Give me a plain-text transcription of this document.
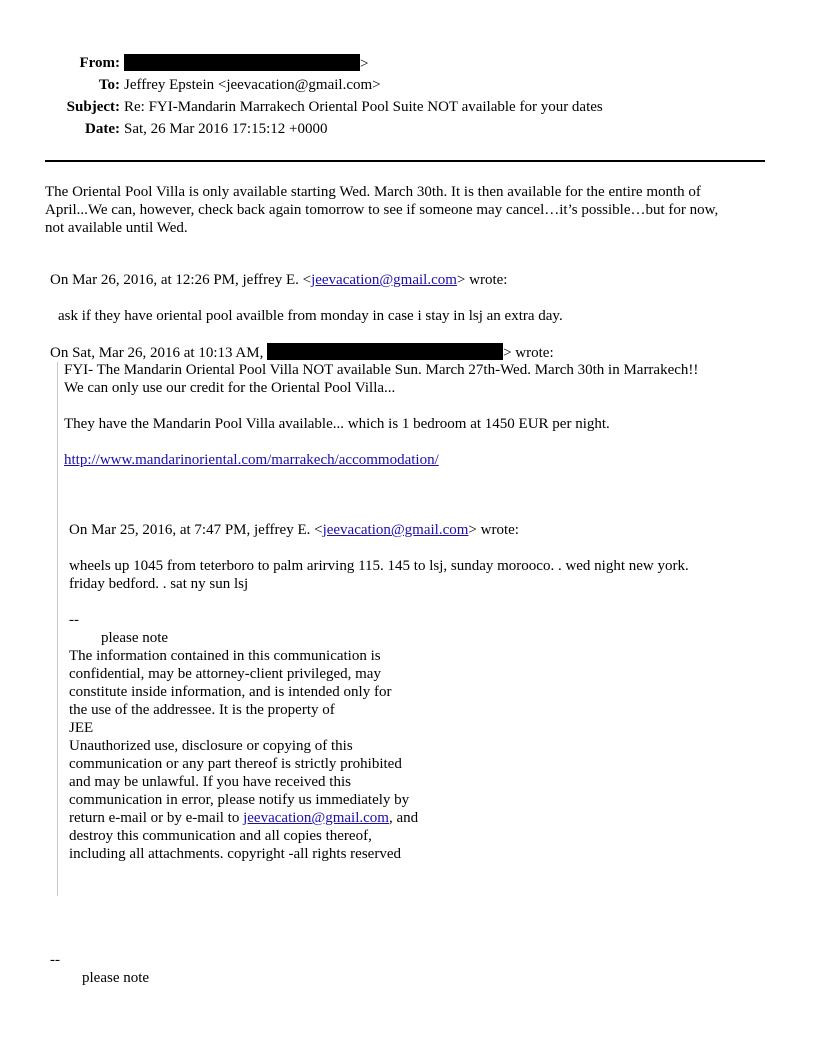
From:	>
To: Jeffrey Epstein <jeevacation@gmail.com>
Subject: Re: FYI-Mandarin Marrakech Oriental Pool Suite NOT available for your dates
Date: Sat, 26 Mar 2016 17:15:12 +0000
The Oriental Pool Villa is only available starting Wed. March 30th. It is then available for the entire month of
April...We can, however, check back again tomorrow to see if someone may cancel…it’s possible…but for now,
not available until Wed.
On Mar 26, 2016, at 12:26 PM, jeffrey E. <jeevacation@gmail.com> wrote:
ask if they have oriental pool availble from monday in case i stay in lsj an extra day.
On Sat, Mar 26, 2016 at 10:13 AM,	> wrote:
FYI- The Mandarin Oriental Pool Villa NOT available Sun. March 27th-Wed. March 30th in Marrakech!!
We can only use our credit for the Oriental Pool Villa...
They have the Mandarin Pool Villa available... which is 1 bedroom at 1450 EUR per night.
http://www.mandarinoriental.com/marrakech/accommodation/
On Mar 25, 2016, at 7:47 PM, jeffrey E. <jeevacation@gmail.com> wrote:
wheels up 1045 from teterboro to palm arirving 115. 145 to lsj, sunday morooco. . wed night new york.
friday bedford. . sat ny sun lsj
--
please note
The information contained in this communication is
confidential, may be attorney-client privileged, may
constitute inside information, and is intended only for
the use of the addressee. It is the property of
JEE
Unauthorized use, disclosure or copying of this
communication or any part thereof is strictly prohibited
and may be unlawful. If you have received this
communication in error, please notify us immediately by
return e-mail or by e-mail to jeevacation@gmail.com, and
destroy this communication and all copies thereof,
including all attachments. copyright -all rights reserved
--
please note
